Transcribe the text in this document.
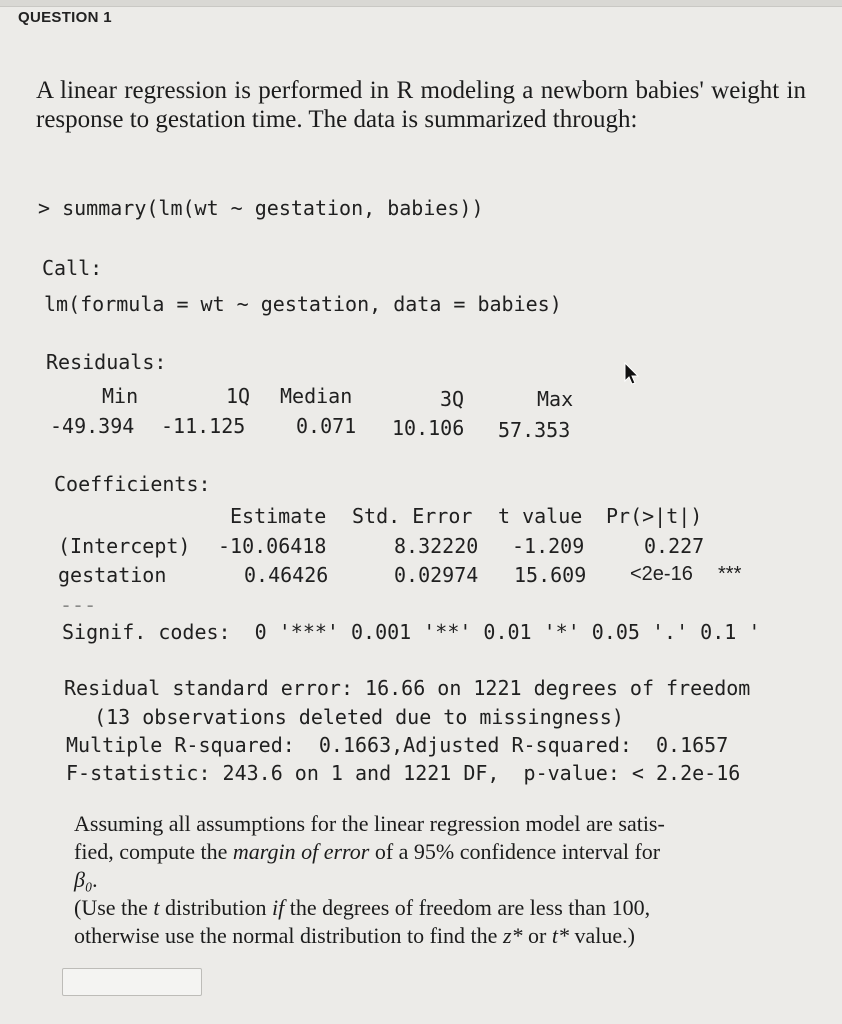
QUESTION 1

A linear regression is performed in R modeling a newborn babies' weight in response to gestation time. The data is summarized through:

> summary(lm(wt ~ gestation, babies))
Call:
lm(formula = wt ~ gestation, data = babies)
Residuals:
Min	1Q Median	3Q	Max
-49.394 -11.125	0.071 10.106 57.353
Coefficients:
Estimate Std. Error t value Pr(>|t|)
(Intercept) -10.06418	8.32220 -1.209	0.227
gestation	0.46426	0.02974 15.609 <2e-16 ***
---
Signif. codes:  0 '***' 0.001 '**' 0.01 '*' 0.05 '.' 0.1 '
Residual standard error: 16.66 on 1221 degrees of freedom
(13 observations deleted due to missingness)
Multiple R-squared:  0.1663,Adjusted R-squared:  0.1657
F-statistic: 243.6 on 1 and 1221 DF,  p-value: < 2.2e-16
Assuming all assumptions for the linear regression model are satis-
fied, compute the margin of error of a 95% confidence interval for
β₀.
(Use the t distribution if the degrees of freedom are less than 100,
otherwise use the normal distribution to find the z* or t* value.)
